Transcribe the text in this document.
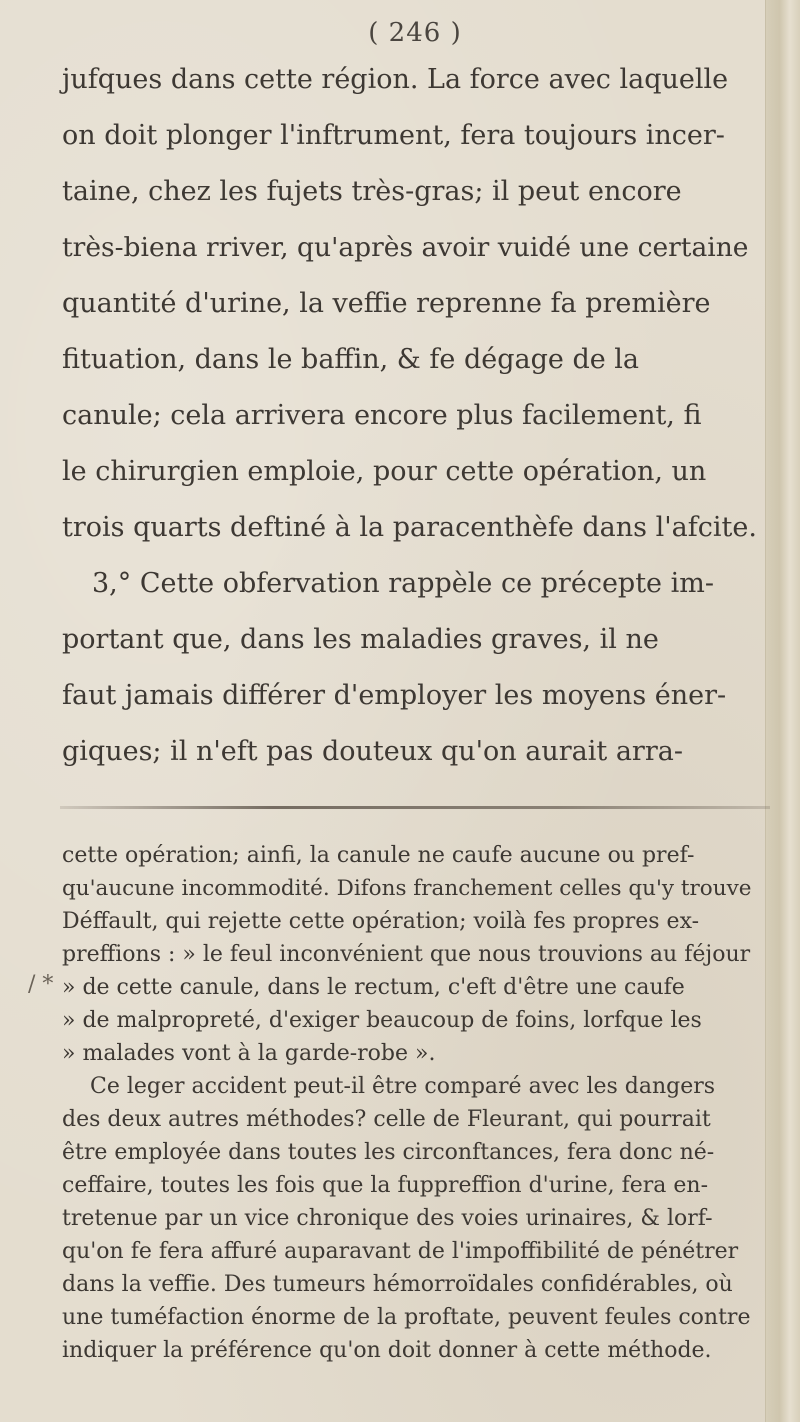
( 246 )
jufques dans cette région. La force avec laquelle
on doit plonger l'inftrument, fera toujours incer-
taine, chez les fujets très-gras; il peut encore
très-biena rriver, qu'après avoir vuidé une certaine
quantité d'urine, la veffie reprenne fa première
fituation, dans le baffin, & fe dégage de la
canule; cela arrivera encore plus facilement, fi
le chirurgien emploie, pour cette opération, un
trois quarts deftiné à la paracenthèfe dans l'afcite.
3,° Cette obfervation rappèle ce précepte im-
portant que, dans les maladies graves, il ne
faut jamais différer d'employer les moyens éner-
giques; il n'eft pas douteux qu'on aurait arra-
cette opération; ainfi, la canule ne caufe aucune ou pref-
qu'aucune incommodité. Difons franchement celles qu'y trouve
Déffault, qui rejette cette opération; voilà fes propres ex-
preffions : » le feul inconvénient que nous trouvions au féjour
» de cette canule, dans le rectum, c'eft d'être une caufe
» de malpropreté, d'exiger beaucoup de foins, lorfque les
» malades vont à la garde-robe ».
Ce leger accident peut-il être comparé avec les dangers
des deux autres méthodes? celle de Fleurant, qui pourrait
être employée dans toutes les circonftances, fera donc né-
ceffaire, toutes les fois que la fuppreffion d'urine, fera en-
tretenue par un vice chronique des voies urinaires, & lorf-
qu'on fe fera affuré auparavant de l'impoffibilité de pénétrer
dans la veffie. Des tumeurs hémorroïdales confidérables, où
une tuméfaction énorme de la proftate, peuvent feules contre
indiquer la préférence qu'on doit donner à cette méthode.
/ *
